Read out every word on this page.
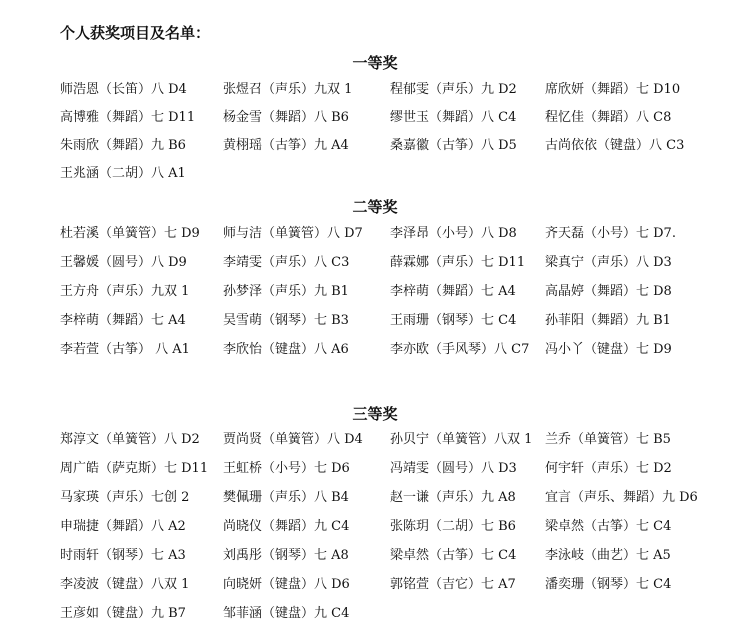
个人获奖项目及名单：
一等奖
师浩恩（长笛）八 D4	张煜召（声乐）九双 1	程郁雯（声乐）九 D2 席欣妍（舞蹈）七 D10
高博雅（舞蹈）七 D11 杨金雪（舞蹈）八 B6	缪世玉（舞蹈）八 C4 程忆佳（舞蹈）八 C8
朱雨欣（舞蹈）九 B6	黄栩瑶（古筝）九 A4	桑嘉徽（古筝）八 D5 古尚依依（键盘）八 C3
王兆涵（二胡）八 A1
二等奖
杜若溪（单簧管）七 D9 师与洁（单簧管）八 D7 李泽昂（小号）八 D8 齐天磊（小号）七 D7.
王馨媛（圆号）八 D9	李靖雯（声乐）八 C3	薛霖娜（声乐）七 D11 梁真宁（声乐）八 D3
王方舟（声乐）九双 1	孙梦泽（声乐）九 B1	李梓萌（舞蹈）七 A4 高晶婷（舞蹈）七 D8
李梓萌（舞蹈）七 A4	吴雪萌（钢琴）七 B3	王雨珊（钢琴）七 C4 孙菲阳（舞蹈）九 B1
李若萱（古筝） 八 A1	李欣怡（键盘）八 A6	李亦欧（手风琴）八 C7 冯小丫（键盘）七 D9
三等奖
郑淳文（单簧管）八 D2 贾尚贤（单簧管）八 D4 孙贝宁（单簧管）八双 1 兰乔（单簧管）七 B5
周广皓（萨克斯）七 D11 王虹桥（小号）七 D6	冯靖雯（圆号）八 D3 何宇轩（声乐）七 D2
马家瑛（声乐）七创 2	樊佩珊（声乐）八 B4	赵一谦（声乐）九 A8 宜言（声乐、舞蹈）九 D6
申瑞捷（舞蹈）八 A2	尚晓仪（舞蹈）九 C4	张陈玥（二胡）七 B6 梁卓然（古筝）七 C4
时雨轩（钢琴）七 A3	刘禹彤（钢琴）七 A8	梁卓然（古筝）七 C4 李泳岐（曲艺）七 A5
李凌波（键盘）八双 1	向晓妍（键盘）八 D6	郭铭萱（吉它）七 A7 潘奕珊（钢琴）七 C4
王彦如（键盘）九 B7	邹菲涵（键盘）九 C4
